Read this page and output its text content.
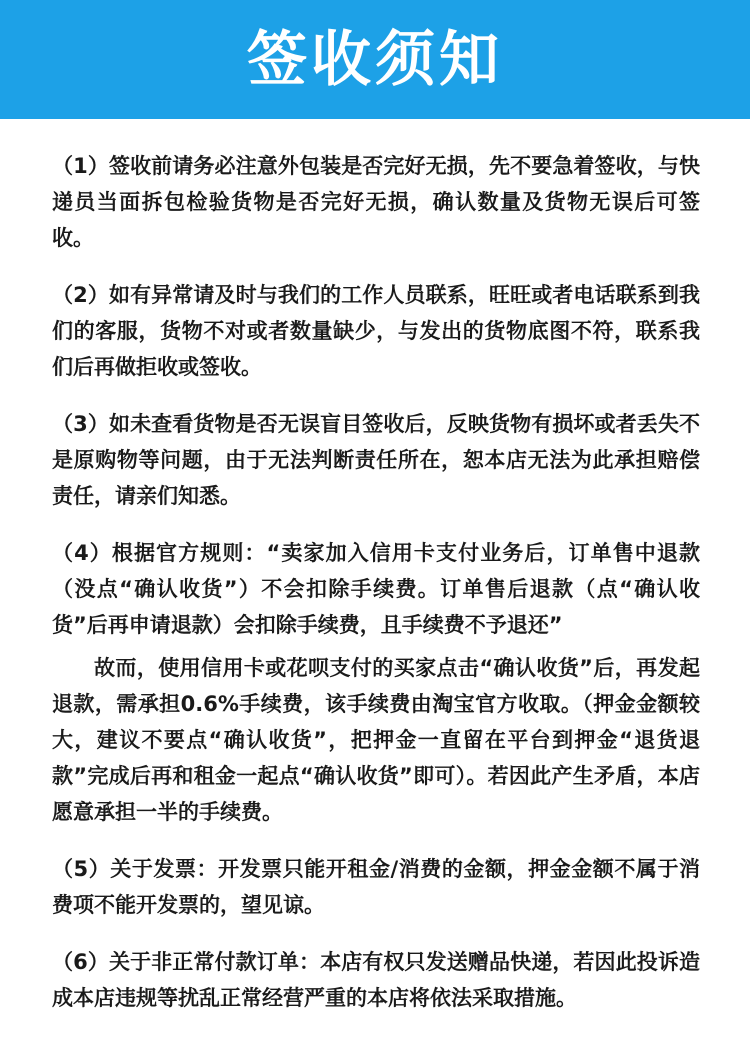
签收须知

（1）签收前请务必注意外包装是否完好无损，先不要急着签收，与快递员当面拆包检验货物是否完好无损，确认数量及货物无误后可签收。

（2）如有异常请及时与我们的工作人员联系，旺旺或者电话联系到我们的客服，货物不对或者数量缺少，与发出的货物底图不符，联系我们后再做拒收或签收。

（3）如未查看货物是否无误盲目签收后，反映货物有损坏或者丢失不是原购物等问题，由于无法判断责任所在，恕本店无法为此承担赔偿责任，请亲们知悉。

（4）根据官方规则：“卖家加入信用卡支付业务后，订单售中退款（没点“确认收货”）不会扣除手续费。订单售后退款（点“确认收货”后再申请退款）会扣除手续费，且手续费不予退还”

故而，使用信用卡或花呗支付的买家点击“确认收货”后，再发起退款，需承担0.6%手续费，该手续费由淘宝官方收取。（押金金额较大，建议不要点“确认收货”，把押金一直留在平台到押金“退货退款”完成后再和租金一起点“确认收货”即可）。若因此产生矛盾，本店愿意承担一半的手续费。

（5）关于发票：开发票只能开租金/消费的金额，押金金额不属于消费项不能开发票的，望见谅。

（6）关于非正常付款订单：本店有权只发送赠品快递，若因此投诉造成本店违规等扰乱正常经营严重的本店将依法采取措施。
